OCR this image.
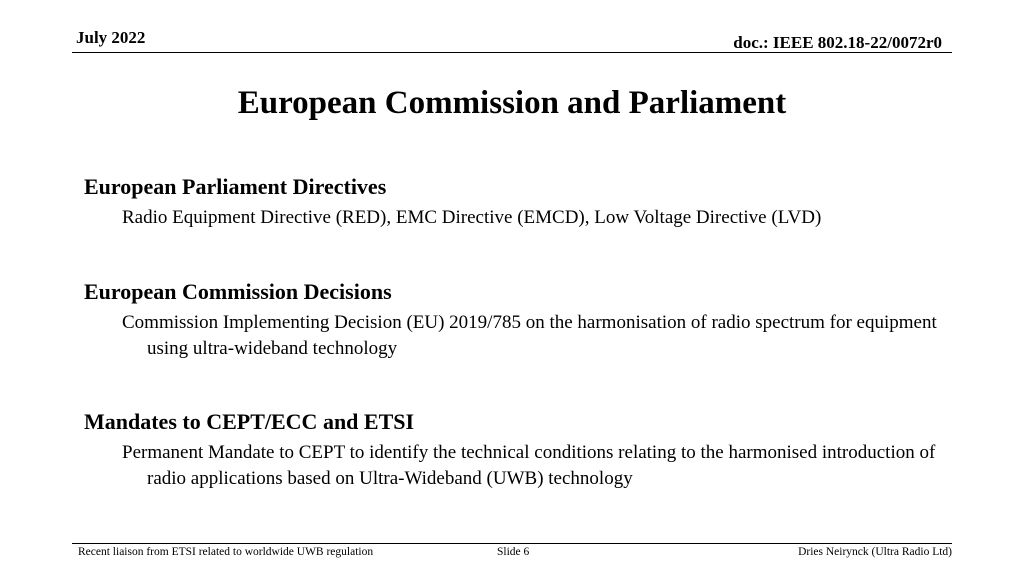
July 2022	doc.: IEEE 802.18-22/0072r0
European Commission and Parliament

European Parliament Directives

Radio Equipment Directive (RED), EMC Directive (EMCD), Low Voltage Directive (LVD)

European Commission Decisions

Commission Implementing Decision (EU) 2019/785 on the harmonisation of radio spectrum for equipment using ultra-wideband technology

Mandates to CEPT/ECC and ETSI

Permanent Mandate to CEPT to identify the technical conditions relating to the harmonised introduction of radio applications based on Ultra-Wideband (UWB) technology

Recent liaison from ETSI related to worldwide UWB regulation	Slide 6	Dries Neirynck (Ultra Radio Ltd)
